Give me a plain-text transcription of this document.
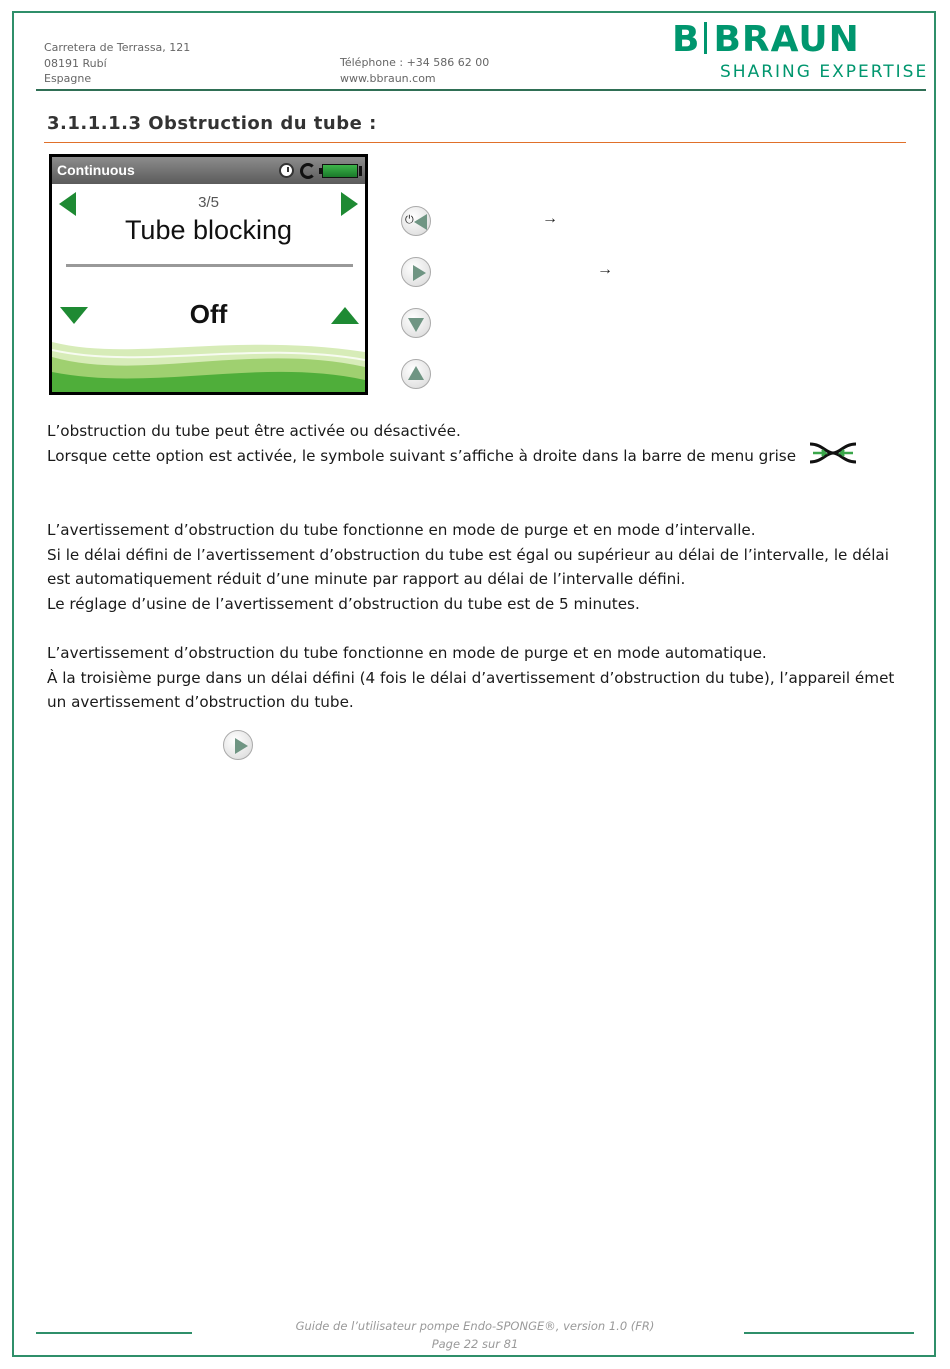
Carretera de Terrassa, 121
08191 Rubí
Espagne
Téléphone : +34 586 62 00
www.bbraun.com
B BRAUN
SHARING EXPERTISE
3.1.1.1.3 Obstruction du tube :
Continuous
3/5
Tube blocking
Off
⏻	→
→
L’obstruction du tube peut être activée ou désactivée.
Lorsque cette option est activée, le symbole suivant s’affiche à droite dans la barre de menu grise
L’avertissement d’obstruction du tube fonctionne en mode de purge et en mode d’intervalle.
Si le délai défini de l’avertissement d’obstruction du tube est égal ou supérieur au délai de l’intervalle, le délai
est automatiquement réduit d’une minute par rapport au délai de l’intervalle défini.
Le réglage d’usine de l’avertissement d’obstruction du tube est de 5 minutes.
L’avertissement d’obstruction du tube fonctionne en mode de purge et en mode automatique.
À la troisième purge dans un délai défini (4 fois le délai d’avertissement d’obstruction du tube), l’appareil émet
un avertissement d’obstruction du tube.
Guide de l’utilisateur pompe Endo-SPONGE®, version 1.0 (FR)
Page 22 sur 81
